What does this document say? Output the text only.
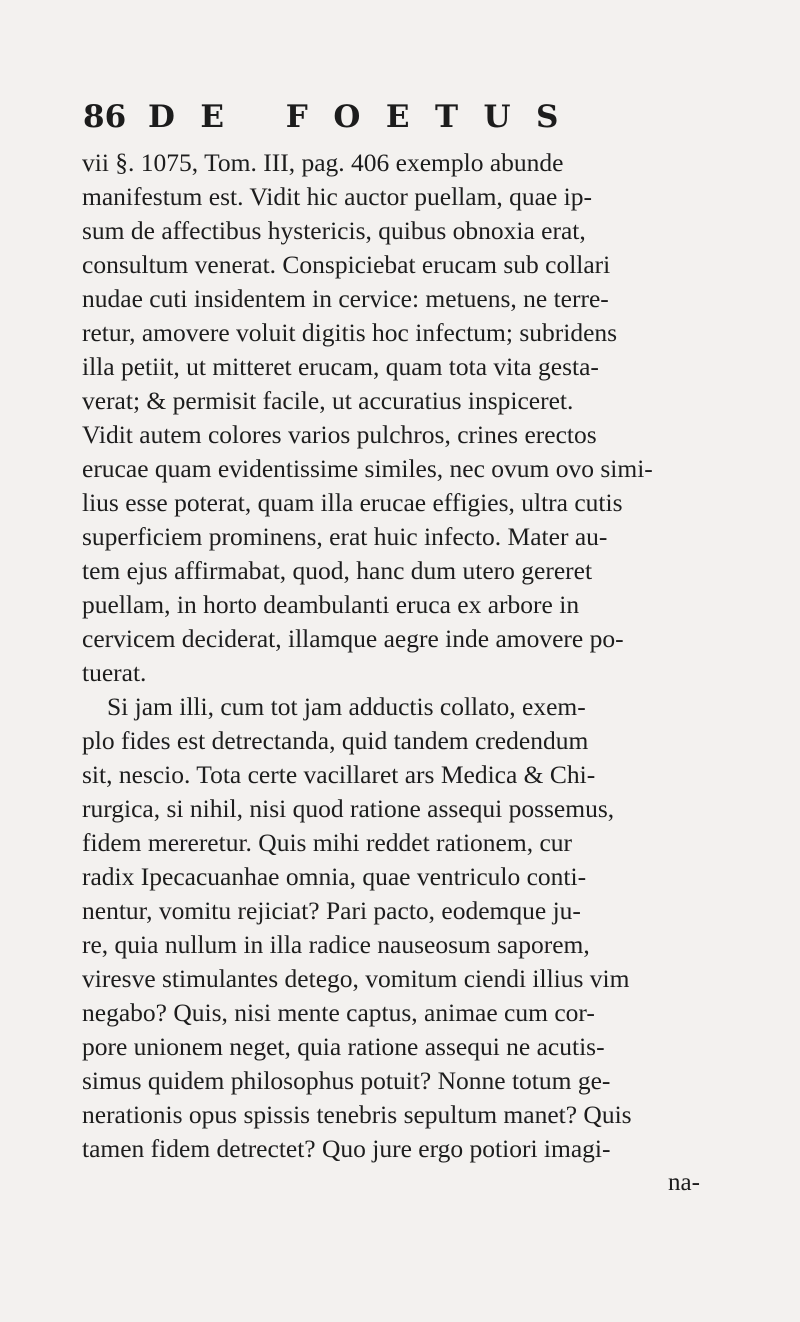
86 DE FOETUS
vii §. 1075, Tom. III, pag. 406 exemplo abunde
manifestum est. Vidit hic auctor puellam, quae ip-
sum de affectibus hystericis, quibus obnoxia erat,
consultum venerat. Conspiciebat erucam sub collari
nudae cuti insidentem in cervice: metuens, ne terre-
retur, amovere voluit digitis hoc infectum; subridens
illa petiit, ut mitteret erucam, quam tota vita gesta-
verat; & permisit facile, ut accuratius inspiceret.
Vidit autem colores varios pulchros, crines erectos
erucae quam evidentissime similes, nec ovum ovo simi-
lius esse poterat, quam illa erucae effigies, ultra cutis
superficiem prominens, erat huic infecto. Mater au-
tem ejus affirmabat, quod, hanc dum utero gereret
puellam, in horto deambulanti eruca ex arbore in
cervicem deciderat, illamque aegre inde amovere po-
tuerat.
Si jam illi, cum tot jam adductis collato, exem-
plo fides est detrectanda, quid tandem credendum
sit, nescio. Tota certe vacillaret ars Medica & Chi-
rurgica, si nihil, nisi quod ratione assequi possemus,
fidem mereretur. Quis mihi reddet rationem, cur
radix Ipecacuanhae omnia, quae ventriculo conti-
nentur, vomitu rejiciat? Pari pacto, eodemque ju-
re, quia nullum in illa radice nauseosum saporem,
viresve stimulantes detego, vomitum ciendi illius vim
negabo? Quis, nisi mente captus, animae cum cor-
pore unionem neget, quia ratione assequi ne acutis-
simus quidem philosophus potuit? Nonne totum ge-
nerationis opus spissis tenebris sepultum manet? Quis
tamen fidem detrectet? Quo jure ergo potiori imagi-
na-
